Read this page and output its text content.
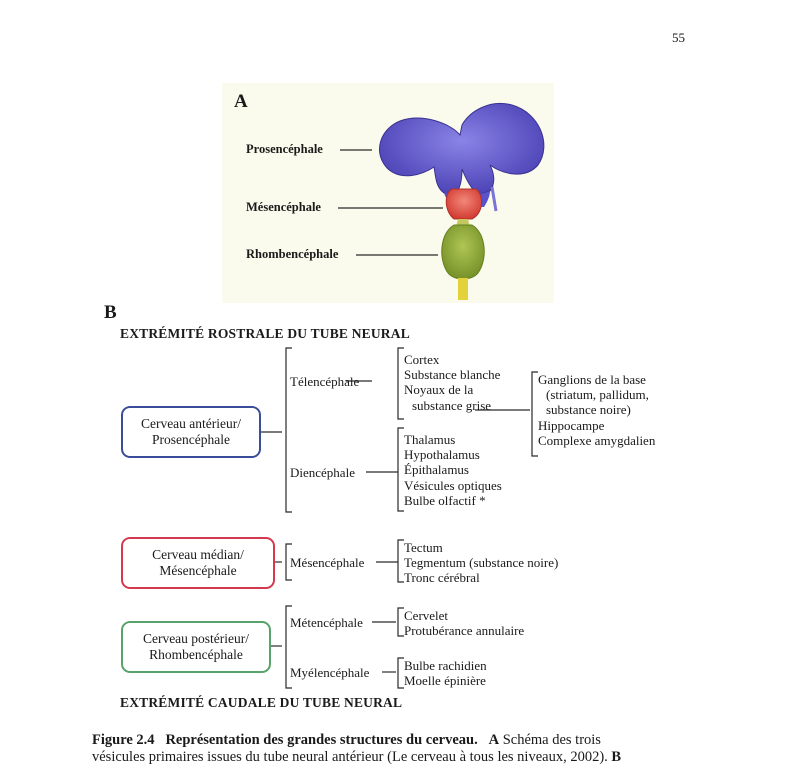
55
A
Prosencéphale
Mésencéphale
Rhombencéphale
B
EXTRÉMITÉ ROSTRALE DU TUBE NEURAL
EXTRÉMITÉ CAUDALE DU TUBE NEURAL
Cerveau antérieur/
Prosencéphale
Cerveau médian/
Mésencéphale
Cerveau postérieur/
Rhombencéphale
Télencéphale
Diencéphale
Mésencéphale
Métencéphale
Myélencéphale
Cortex
Substance blanche
Noyaux de la
substance grise
Ganglions de la base
(striatum, pallidum,
substance noire)
Hippocampe
Complexe amygdalien
Thalamus
Hypothalamus
Épithalamus
Vésicules optiques
Bulbe olfactif *
Tectum
Tegmentum (substance noire)
Tronc cérébral
Cervelet
Protubérance annulaire
Bulbe rachidien
Moelle épinière
Figure 2.4 Représentation des grandes structures du cerveau. A Schéma des trois
vésicules primaires issues du tube neural antérieur (Le cerveau à tous les niveaux, 2002). B
